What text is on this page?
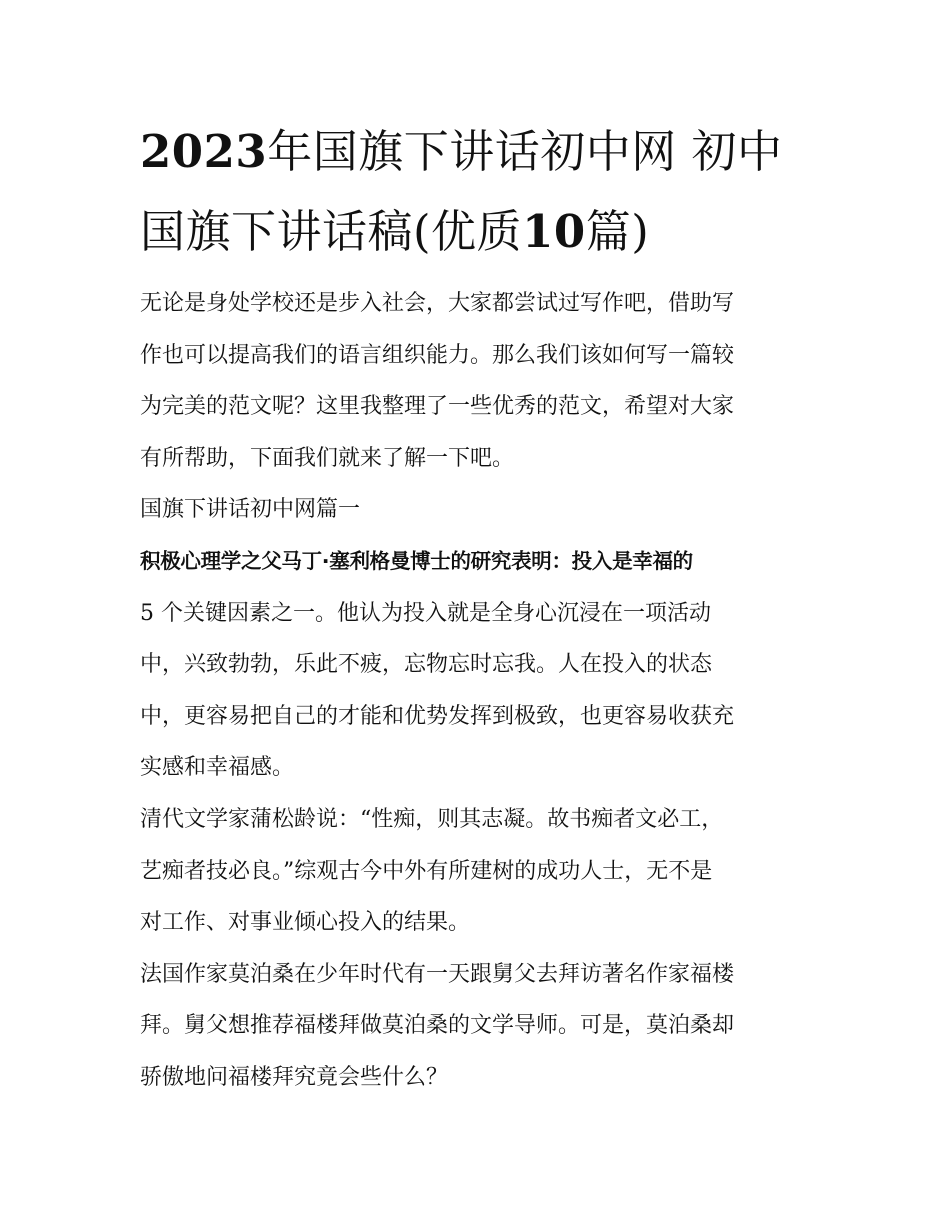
2023年国旗下讲话初中网 初中国旗下讲话稿(优质10篇)
无论是身处学校还是步入社会，大家都尝试过写作吧，借助写
作也可以提高我们的语言组织能力。那么我们该如何写一篇较
为完美的范文呢？这里我整理了一些优秀的范文，希望对大家
有所帮助，下面我们就来了解一下吧。
国旗下讲话初中网篇一
积极心理学之父马丁·塞利格曼博士的研究表明：投入是幸福的
5 个关键因素之一。他认为投入就是全身心沉浸在一项活动
中，兴致勃勃，乐此不疲，忘物忘时忘我。人在投入的状态
中，更容易把自己的才能和优势发挥到极致，也更容易收获充
实感和幸福感。
清代文学家蒲松龄说：“性痴，则其志凝。故书痴者文必工，
艺痴者技必良。”综观古今中外有所建树的成功人士，无不是
对工作、对事业倾心投入的结果。
法国作家莫泊桑在少年时代有一天跟舅父去拜访著名作家福楼
拜。舅父想推荐福楼拜做莫泊桑的文学导师。可是，莫泊桑却
骄傲地问福楼拜究竟会些什么？
